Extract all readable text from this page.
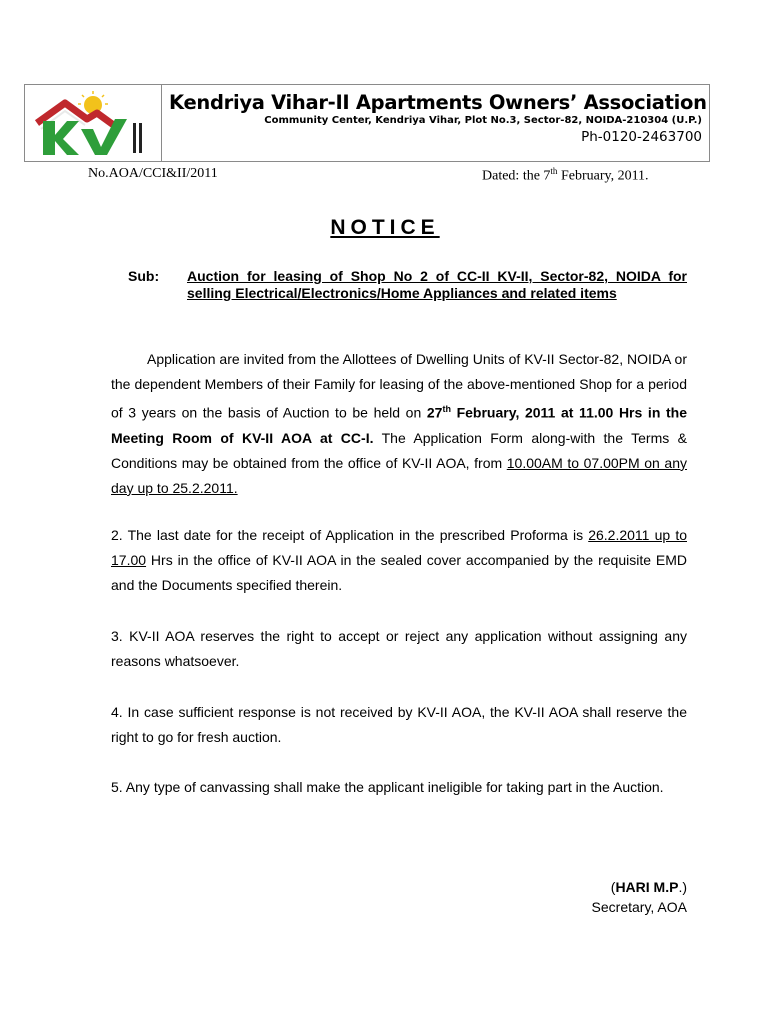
Kendriya Vihar-II Apartments Owners’ Association
Community Center, Kendriya Vihar, Plot No.3, Sector-82, NOIDA-210304 (U.P.)
Ph-0120-2463700
No.AOA/CCI&II/2011	Dated: the 7th February, 2011.
NOTICE
Sub: Auction for leasing of Shop No 2 of CC-II KV-II, Sector-82, NOIDA for selling Electrical/Electronics/Home Appliances and related items
Application are invited from the Allottees of Dwelling Units of KV-II Sector-82, NOIDA or the dependent Members of their Family for leasing of the above-mentioned Shop for a period of 3 years on the basis of Auction to be held on 27th February, 2011 at 11.00 Hrs in the Meeting Room of KV-II AOA at CC-I. The Application Form along-with the Terms & Conditions may be obtained from the office of KV-II AOA, from 10.00AM to 07.00PM on any day up to 25.2.2011.
2. The last date for the receipt of Application in the prescribed Proforma is 26.2.2011 up to 17.00 Hrs in the office of KV-II AOA in the sealed cover accompanied by the requisite EMD and the Documents specified therein.
3. KV-II AOA reserves the right to accept or reject any application without assigning any reasons whatsoever.
4. In case sufficient response is not received by KV-II AOA, the KV-II AOA shall reserve the right to go for fresh auction.
5. Any type of canvassing shall make the applicant ineligible for taking part in the Auction.
(HARI M.P.)
Secretary, AOA
